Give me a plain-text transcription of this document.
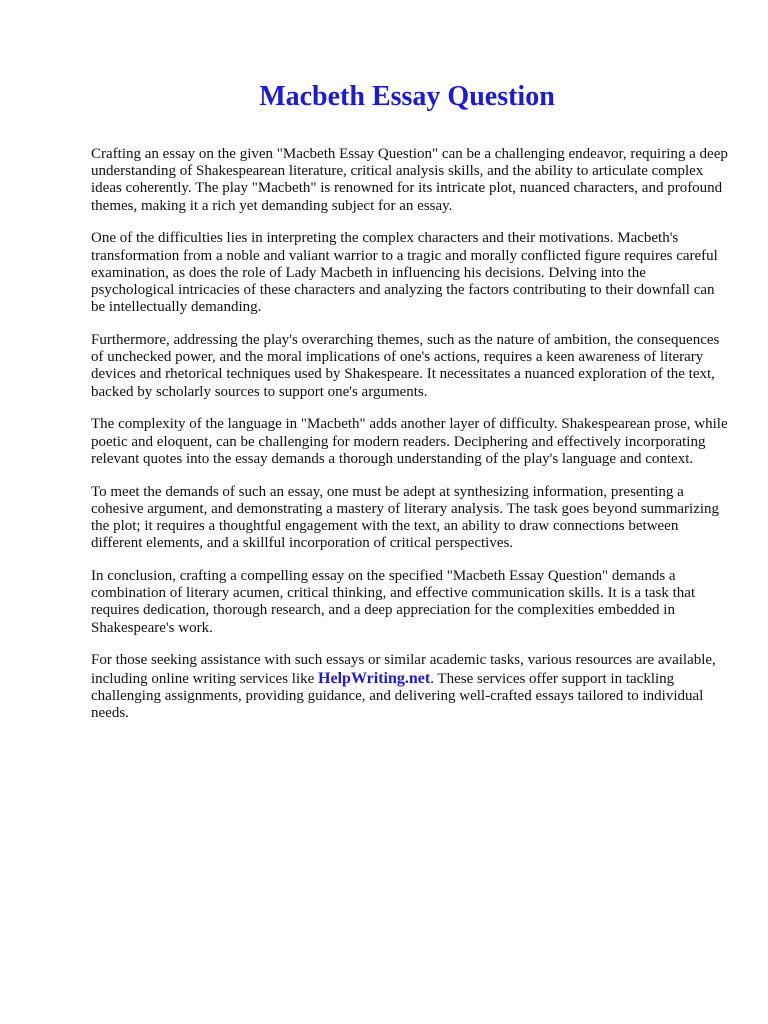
Macbeth Essay Question

Crafting an essay on the given "Macbeth Essay Question" can be a challenging endeavor, requiring a deep understanding of Shakespearean literature, critical analysis skills, and the ability to articulate complex ideas coherently. The play "Macbeth" is renowned for its intricate plot, nuanced characters, and profound themes, making it a rich yet demanding subject for an essay.

One of the difficulties lies in interpreting the complex characters and their motivations. Macbeth's transformation from a noble and valiant warrior to a tragic and morally conflicted figure requires careful examination, as does the role of Lady Macbeth in influencing his decisions. Delving into the psychological intricacies of these characters and analyzing the factors contributing to their downfall can be intellectually demanding.

Furthermore, addressing the play's overarching themes, such as the nature of ambition, the consequences of unchecked power, and the moral implications of one's actions, requires a keen awareness of literary devices and rhetorical techniques used by Shakespeare. It necessitates a nuanced exploration of the text, backed by scholarly sources to support one's arguments.

The complexity of the language in "Macbeth" adds another layer of difficulty. Shakespearean prose, while poetic and eloquent, can be challenging for modern readers. Deciphering and effectively incorporating relevant quotes into the essay demands a thorough understanding of the play's language and context.

To meet the demands of such an essay, one must be adept at synthesizing information, presenting a cohesive argument, and demonstrating a mastery of literary analysis. The task goes beyond summarizing the plot; it requires a thoughtful engagement with the text, an ability to draw connections between different elements, and a skillful incorporation of critical perspectives.

In conclusion, crafting a compelling essay on the specified "Macbeth Essay Question" demands a combination of literary acumen, critical thinking, and effective communication skills. It is a task that requires dedication, thorough research, and a deep appreciation for the complexities embedded in Shakespeare's work.

For those seeking assistance with such essays or similar academic tasks, various resources are available, including online writing services like HelpWriting.net. These services offer support in tackling challenging assignments, providing guidance, and delivering well-crafted essays tailored to individual needs.
